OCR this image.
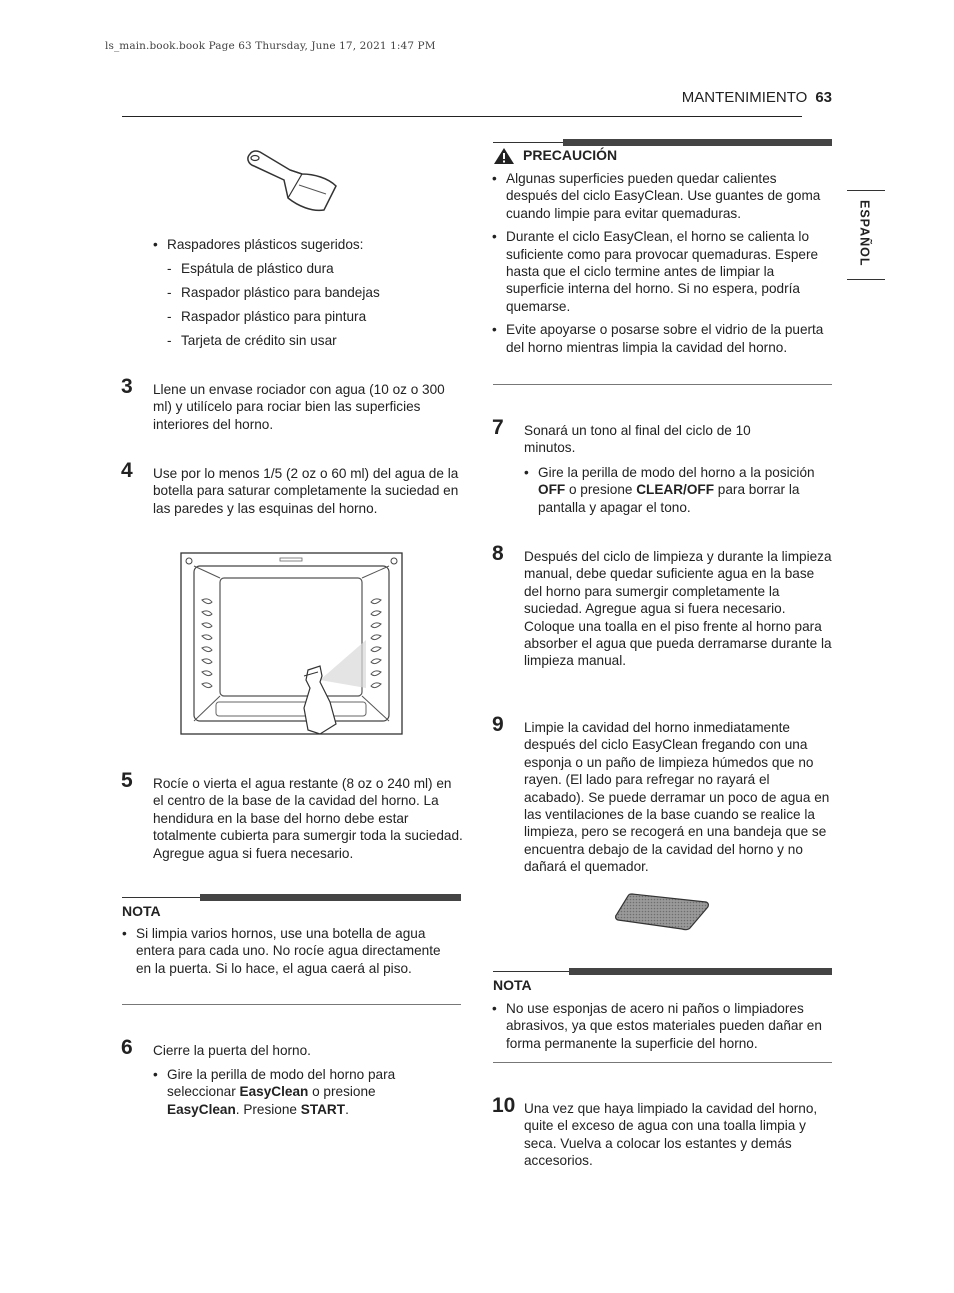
ls_main.book.book Page 63 Thursday, June 17, 2021 1:47 PM
MANTENIMIENTO 63
ESPAÑOL
• Raspadores plásticos sugeridos:
- Espátula de plástico dura
- Raspador plástico para bandejas
- Raspador plástico para pintura
- Tarjeta de crédito sin usar
3 Llene un envase rociador con agua (10 oz o 300 ml) y utilícelo para rociar bien las superficies interiores del horno.
4 Use por lo menos 1/5 (2 oz o 60 ml) del agua de la botella para saturar completamente la suciedad en las paredes y las esquinas del horno.
5 Rocíe o vierta el agua restante (8 oz o 240 ml) en el centro de la base de la cavidad del horno. La hendidura en la base del horno debe estar totalmente cubierta para sumergir toda la suciedad. Agregue agua si fuera necesario.
NOTA
• Si limpia varios hornos, use una botella de agua entera para cada uno. No rocíe agua directamente en la puerta. Si lo hace, el agua caerá al piso.
6 Cierre la puerta del horno.
• Gire la perilla de modo del horno para seleccionar EasyClean o presione EasyClean. Presione START.
PRECAUCIÓN
• Algunas superficies pueden quedar calientes después del ciclo EasyClean. Use guantes de goma cuando limpie para evitar quemaduras.
• Durante el ciclo EasyClean, el horno se calienta lo suficiente como para provocar quemaduras. Espere hasta que el ciclo termine antes de limpiar la superficie interna del horno. Si no espera, podría quemarse.
• Evite apoyarse o posarse sobre el vidrio de la puerta del horno mientras limpia la cavidad del horno.
7 Sonará un tono al final del ciclo de 10 minutos.
• Gire la perilla de modo del horno a la posición OFF o presione CLEAR/OFF para borrar la pantalla y apagar el tono.
8 Después del ciclo de limpieza y durante la limpieza manual, debe quedar suficiente agua en la base del horno para sumergir completamente la suciedad. Agregue agua si fuera necesario. Coloque una toalla en el piso frente al horno para absorber el agua que pueda derramarse durante la limpieza manual.
9 Limpie la cavidad del horno inmediatamente después del ciclo EasyClean fregando con una esponja o un paño de limpieza húmedos que no rayen. (El lado para refregar no rayará el acabado). Se puede derramar un poco de agua en las ventilaciones de la base cuando se realice la limpieza, pero se recogerá en una bandeja que se encuentra debajo de la cavidad del horno y no dañará el quemador.
NOTA
• No use esponjas de acero ni paños o limpiadores abrasivos, ya que estos materiales pueden dañar en forma permanente la superficie del horno.
10 Una vez que haya limpiado la cavidad del horno, quite el exceso de agua con una toalla limpia y seca. Vuelva a colocar los estantes y demás accesorios.
